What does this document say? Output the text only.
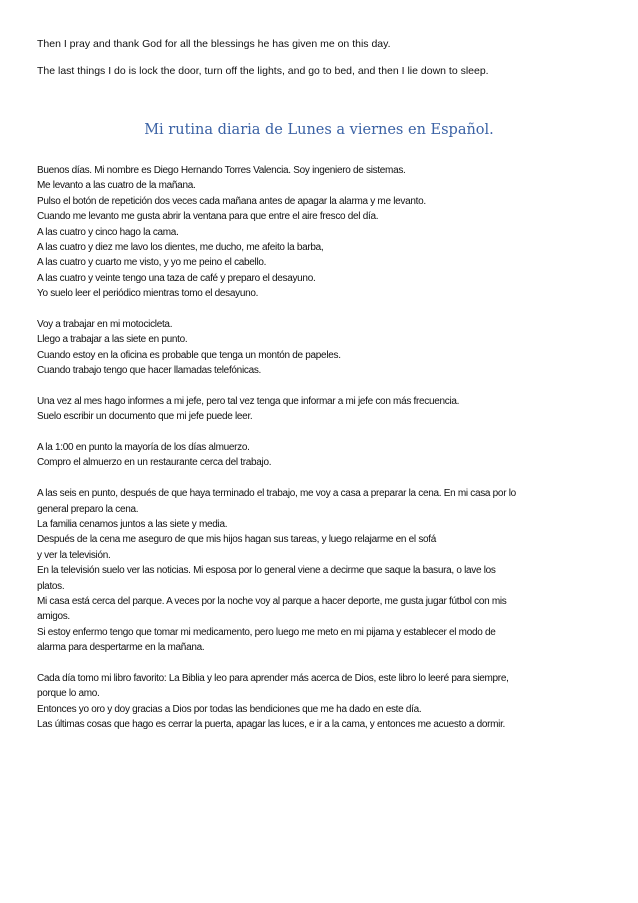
Then I pray and thank God for all the blessings he has given me on this day.
The last things I do is lock the door, turn off the lights, and go to bed, and then I lie down to sleep.
Mi rutina diaria de Lunes a viernes en Español.
Buenos días. Mi nombre es Diego Hernando Torres Valencia. Soy ingeniero de sistemas.
Me levanto a las cuatro de la mañana.
Pulso el botón de repetición dos veces cada mañana antes de apagar la alarma y me levanto.
Cuando me levanto me gusta abrir la ventana para que entre el aire fresco del día.
A las cuatro y cinco hago la cama.
A las cuatro y diez me lavo los dientes, me ducho, me afeito la barba,
A las cuatro y cuarto me visto, y yo me peino el cabello.
A las cuatro y veinte tengo una taza de café y preparo el desayuno.
Yo suelo leer el periódico mientras tomo el desayuno.
Voy a trabajar en mi motocicleta.
Llego a trabajar a las siete en punto.
Cuando estoy en la oficina es probable que tenga un montón de papeles.
Cuando trabajo tengo que hacer llamadas telefónicas.
Una vez al mes hago informes a mi jefe, pero tal vez tenga que informar a mi jefe con más frecuencia.
Suelo escribir un documento que mi jefe puede leer.
A la 1:00 en punto la mayoría de los días almuerzo.
Compro el almuerzo en un restaurante cerca del trabajo.
A las seis en punto, después de que haya terminado el trabajo, me voy a casa a preparar la cena. En mi casa por lo
general preparo la cena.
La familia cenamos juntos a las siete y media.
Después de la cena me aseguro de que mis hijos hagan sus tareas, y luego relajarme en el sofá
y ver la televisión.
En la televisión suelo ver las noticias. Mi esposa por lo general viene a decirme que saque la basura, o lave los
platos.
Mi casa está cerca del parque. A veces por la noche voy al parque a hacer deporte, me gusta jugar fútbol con mis
amigos.
Si estoy enfermo tengo que tomar mi medicamento, pero luego me meto en mi pijama y establecer el modo de
alarma para despertarme en la mañana.
Cada día tomo mi libro favorito: La Biblia y leo para aprender más acerca de Dios, este libro lo leeré para siempre,
porque lo amo.
Entonces yo oro y doy gracias a Dios por todas las bendiciones que me ha dado en este día.
Las últimas cosas que hago es cerrar la puerta, apagar las luces, e ir a la cama, y entonces me acuesto a dormir.
